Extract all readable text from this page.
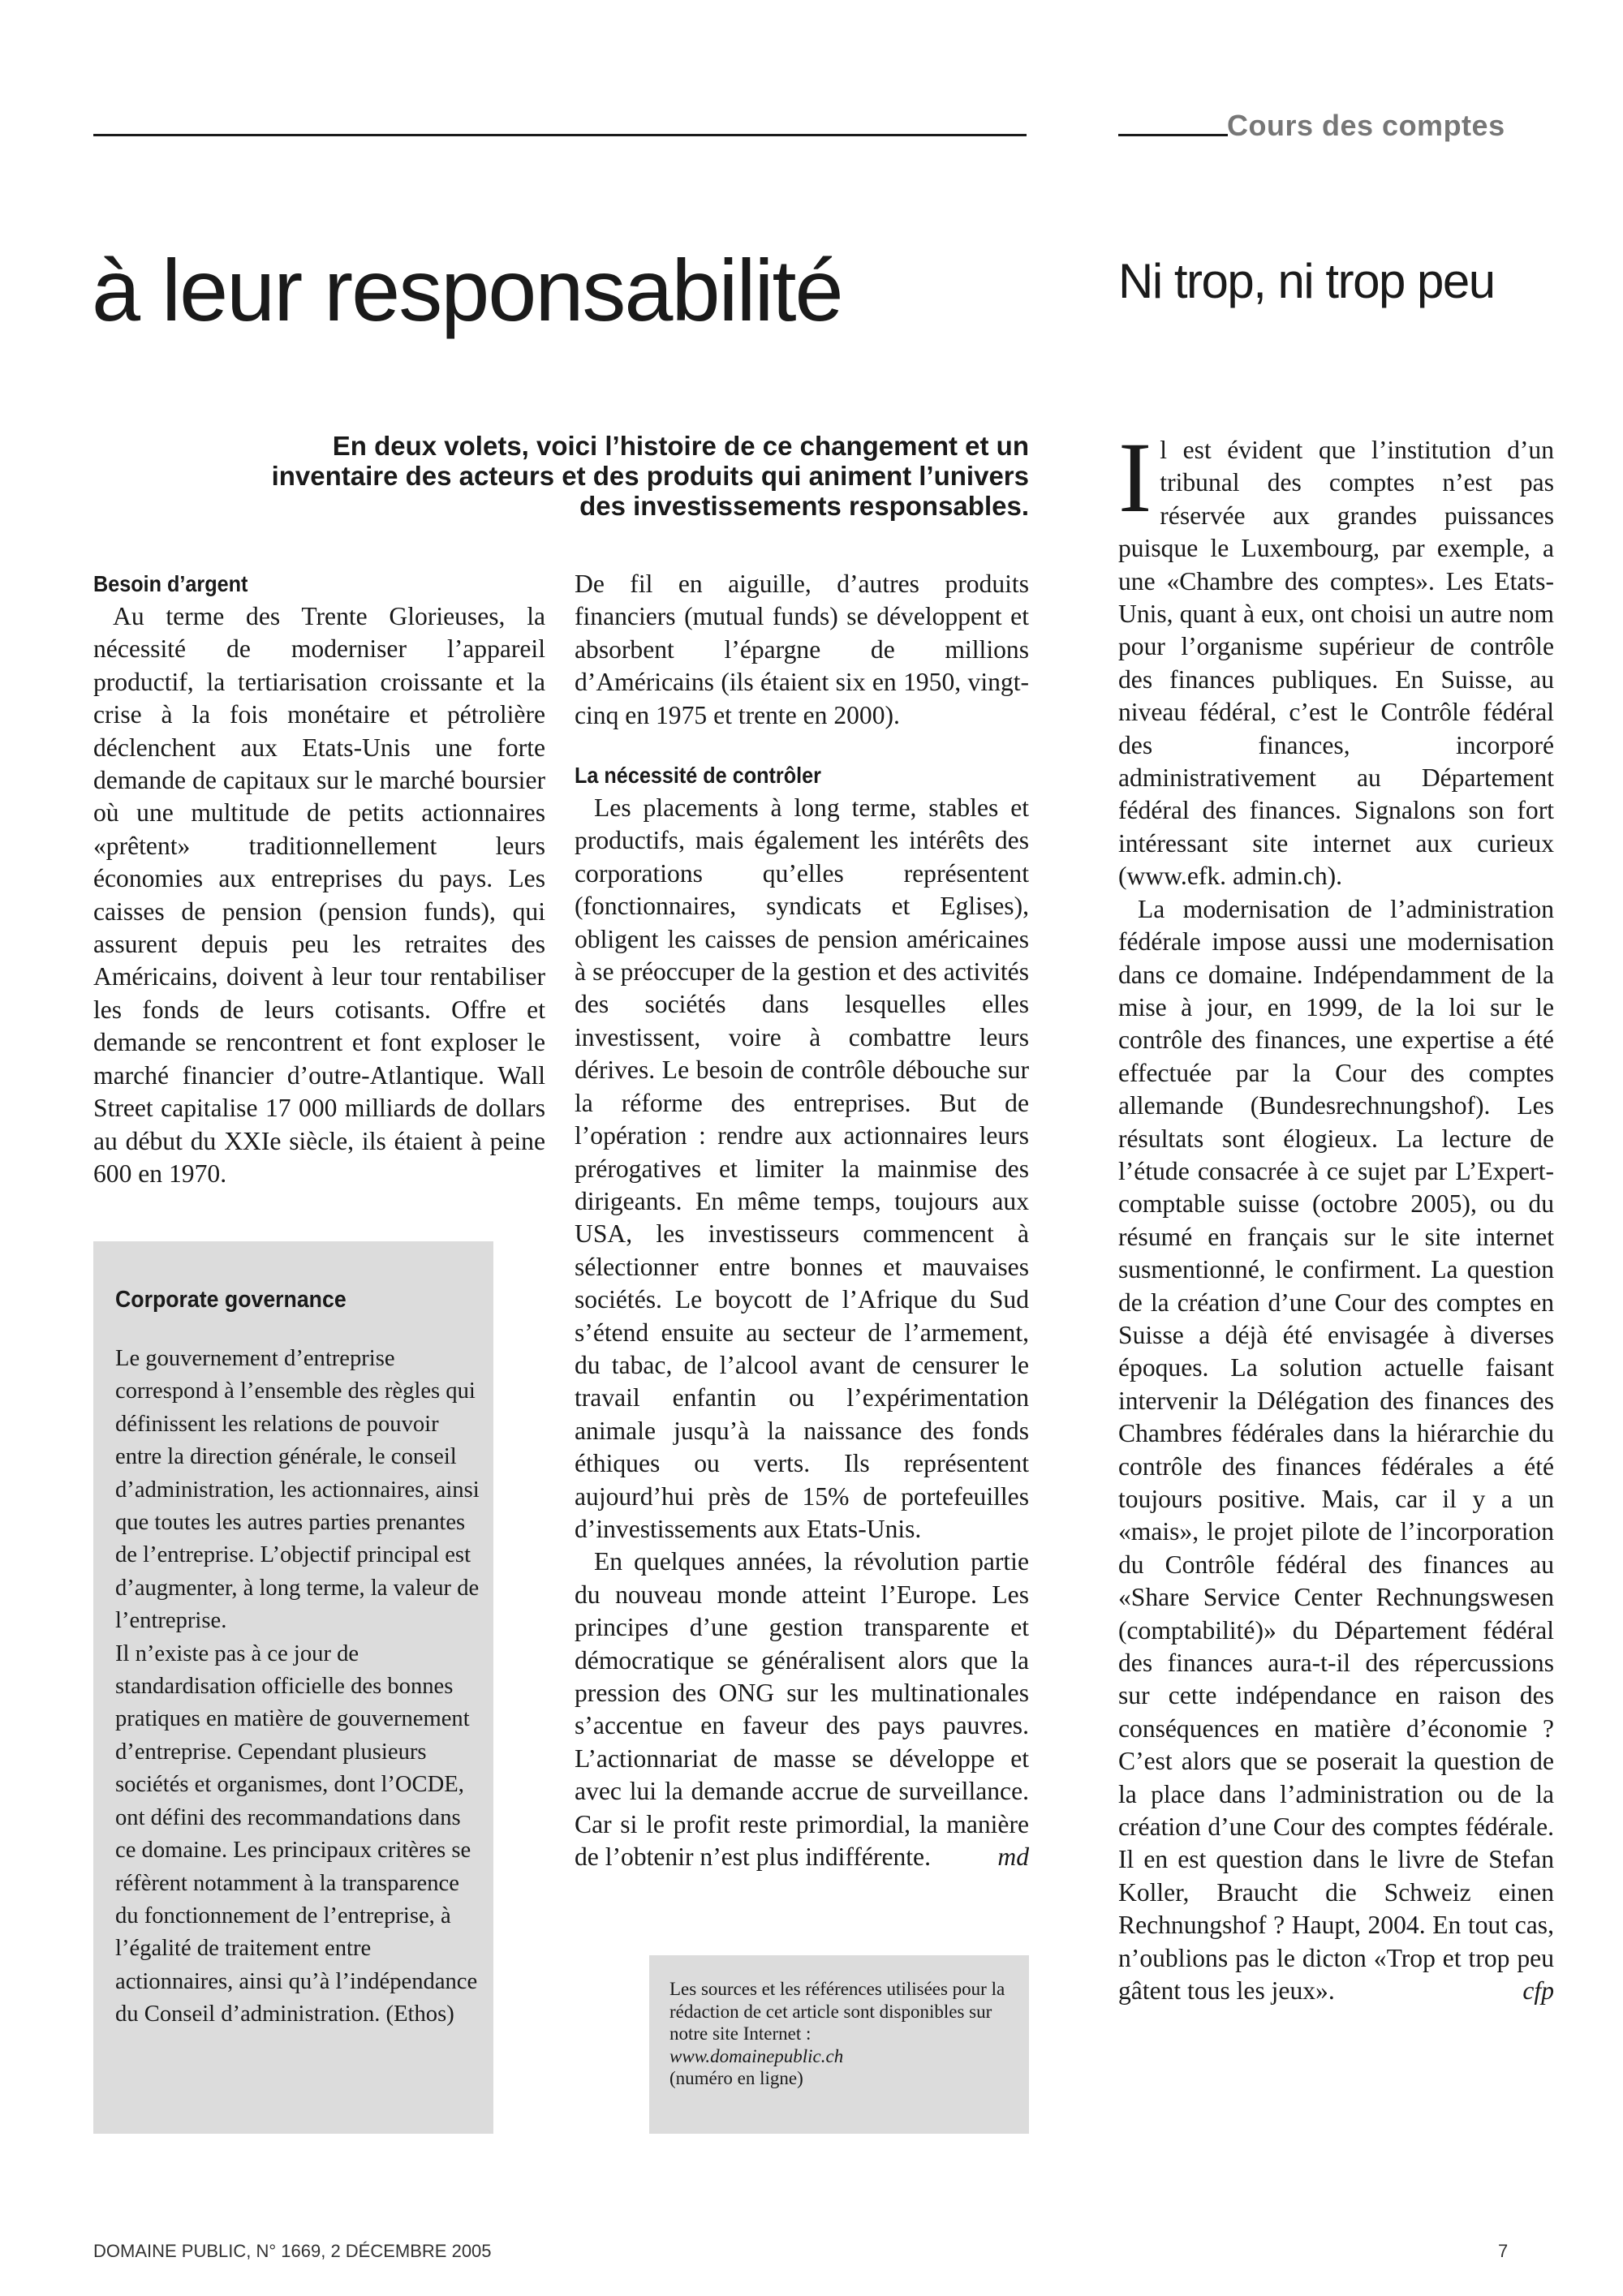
Cours des comptes
à leur responsabilité	Ni trop, ni trop peu
En deux volets, voici l’histoire de ce changement et un inventaire des acteurs et des produits qui animent l’univers des investissements responsables.
Besoin d’argent

Au terme des Trente Glorieuses, la nécessité de moderniser l’appareil productif, la tertiarisation croissante et la crise à la fois monétaire et pétrolière déclenchent aux Etats-Unis une forte demande de capitaux sur le marché boursier où une multitude de petits actionnaires «prêtent» traditionnellement leurs économies aux entreprises du pays. Les caisses de pension (pension funds), qui assurent depuis peu les retraites des Américains, doivent à leur tour rentabiliser les fonds de leurs cotisants. Offre et demande se rencontrent et font exploser le marché financier d’outre-Atlantique. Wall Street capitalise 17 000 milliards de dollars au début du XXIe siècle, ils étaient à peine 600 en 1970.

Corporate governance

Le gouvernement d’entreprise correspond à l’ensemble des règles qui définissent les relations de pouvoir entre la direction générale, le conseil d’administration, les actionnaires, ainsi que toutes les autres parties prenantes de l’entreprise. L’objectif principal est d’augmenter, à long terme, la valeur de l’entreprise.

Il n’existe pas à ce jour de standardisation officielle des bonnes pratiques en matière de gouvernement d’entreprise. Cependant plusieurs sociétés et organismes, dont l’OCDE, ont défini des recommandations dans ce domaine. Les principaux critères se réfèrent notamment à la transparence du fonctionnement de l’entreprise, à l’égalité de traitement entre actionnaires, ainsi qu’à l’indépendance du Conseil d’administration. (Ethos)

De fil en aiguille, d’autres produits financiers (mutual funds) se développent et absorbent l’épargne de millions d’Américains (ils étaient six en 1950, vingt-cinq en 1975 et trente en 2000).

La nécessité de contrôler

Les placements à long terme, stables et productifs, mais également les intérêts des corporations qu’elles représentent (fonctionnaires, syndicats et Eglises), obligent les caisses de pension américaines à se préoccuper de la gestion et des activités des sociétés dans lesquelles elles investissent, voire à combattre leurs dérives. Le besoin de contrôle débouche sur la réforme des entreprises. But de l’opération : rendre aux actionnaires leurs prérogatives et limiter la mainmise des dirigeants. En même temps, toujours aux USA, les investisseurs commencent à sélectionner entre bonnes et mauvaises sociétés. Le boycott de l’Afrique du Sud s’étend ensuite au secteur de l’armement, du tabac, de l’alcool avant de censurer le travail enfantin ou l’expérimentation animale jusqu’à la naissance des fonds éthiques ou verts. Ils représentent aujourd’hui près de 15% de portefeuilles d’investissements aux Etats-Unis.

En quelques années, la révolution partie du nouveau monde atteint l’Europe. Les principes d’une gestion transparente et démocratique se généralisent alors que la pression des ONG sur les multinationales s’accentue en faveur des pays pauvres. L’actionnariat de masse se développe et avec lui la demande accrue de surveillance. Car si le profit reste primordial, la manière de l’obtenir n’est plus indifférente.	md

Les sources et les références utilisées pour la rédaction de cet article sont disponibles sur notre site Internet :

www.domainepublic.ch

(numéro en ligne)

Il est évident que l’institution d’un tribunal des comptes n’est pas réservée aux grandes puissances puisque le Luxembourg, par exemple, a une «Chambre des comptes». Les Etats-Unis, quant à eux, ont choisi un autre nom pour l’organisme supérieur de contrôle des finances publiques. En Suisse, au niveau fédéral, c’est le Contrôle fédéral des finances, incorporé administrativement au Département fédéral des finances. Signalons son fort intéressant site internet aux curieux (www.efk. admin.ch).

La modernisation de l’administration fédérale impose aussi une modernisation dans ce domaine. Indépendamment de la mise à jour, en 1999, de la loi sur le contrôle des finances, une expertise a été effectuée par la Cour des comptes allemande (Bundesrechnungshof). Les résultats sont élogieux. La lecture de l’étude consacrée à ce sujet par L’Expert-comptable suisse (octobre 2005), ou du résumé en français sur le site internet susmentionné, le confirment. La question de la création d’une Cour des comptes en Suisse a déjà été envisagée à diverses époques. La solution actuelle faisant intervenir la Délégation des finances des Chambres fédérales dans la hiérarchie du contrôle des finances fédérales a été toujours positive. Mais, car il y a un «mais», le projet pilote de l’incorporation du Contrôle fédéral des finances au «Share Service Center Rechnungswesen (comptabilité)» du Département fédéral des finances aura-t-il des répercussions sur cette indépendance en raison des conséquences en matière d’économie ? C’est alors que se poserait la question de la place dans l’administration ou de la création d’une Cour des comptes fédérale. Il en est question dans le livre de Stefan Koller, Braucht die Schweiz einen Rechnungshof ? Haupt, 2004. En tout cas, n’oublions pas le dicton «Trop et trop peu gâtent tous les jeux».	cfp

DOMAINE PUBLIC, N° 1669, 2 DÉCEMBRE 2005	7
